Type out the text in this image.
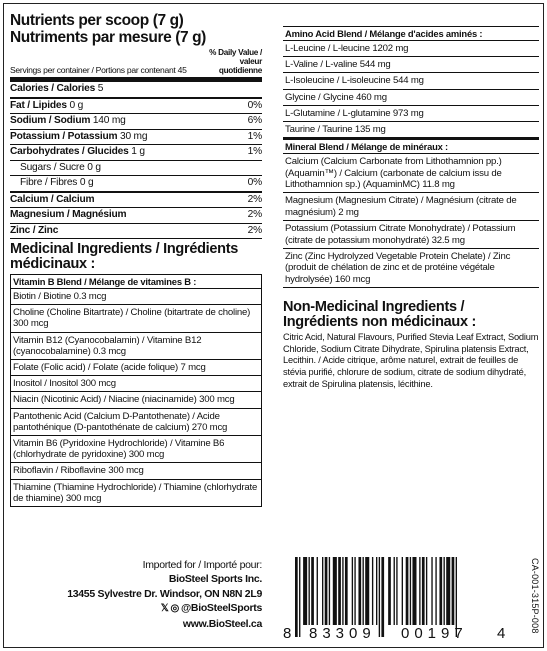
Nutrients per scoop (7 g)
Nutriments par mesure (7 g)
Servings per container / Portions par contenant 45
% Daily Value / valeur quotidienne
Calories / Calories 5
Fat / Lipides 0 g	0%
Sodium / Sodium 140 mg	6%
Potassium / Potassium 30 mg	1%
Carbohydrates / Glucides 1 g	1%
Sugars / Sucre 0 g
Fibre / Fibres 0 g	0%
Calcium / Calcium	2%
Magnesium / Magnésium	2%
Zinc / Zinc	2%
Medicinal Ingredients / Ingrédients médicinaux :
Vitamin B Blend / Mélange de vitamines B :
Biotin / Biotine 0.3 mcg
Choline (Choline Bitartrate) / Choline (bitartrate de choline) 300 mcg
Vitamin B12 (Cyanocobalamin) / Vitamine B12 (cyanocobalamine) 0.3 mcg
Folate (Folic acid) / Folate (acide folique) 7 mcg
Inositol / Inositol 300 mcg
Niacin (Nicotinic Acid) / Niacine (niacinamide) 300 mcg
Pantothenic Acid (Calcium D-Pantothenate) / Acide pantothénique (D-pantothénate de calcium) 270 mcg
Vitamin B6 (Pyridoxine Hydrochloride) / Vitamine B6 (chlorhydrate de pyridoxine) 300 mcg
Riboflavin / Riboflavine 300 mcg
Thiamine (Thiamine Hydrochloride) / Thiamine (chlorhydrate de thiamine) 300 mcg
Amino Acid Blend / Mélange d'acides aminés :
L-Leucine / L-leucine 1202 mg
L-Valine / L-valine 544 mg
L-Isoleucine / L-isoleucine 544 mg
Glycine / Glycine 460 mg
L-Glutamine / L-glutamine 973 mg
Taurine / Taurine 135 mg
Mineral Blend / Mélange de minéraux :
Calcium (Calcium Carbonate from Lithothamnion pp.) (Aquamin™) / Calcium (carbonate de calcium issu de Lithothamnion sp.) (AquaminMC) 11.8 mg
Magnesium (Magnesium Citrate) / Magnésium (citrate de magnésium) 2 mg
Potassium (Potassium Citrate Monohydrate) / Potassium (citrate de potassium monohydraté) 32.5 mg
Zinc (Zinc Hydrolyzed Vegetable Protein Chelate) / Zinc (produit de chélation de zinc et de protéine végétale hydrolysée) 160 mcg
Non-Medicinal Ingredients / Ingrédients non médicinaux :
Citric Acid, Natural Flavours, Purified Stevia Leaf Extract, Sodium Chloride, Sodium Citrate Dihydrate, Spirulina platensis Extract, Lecithin. / Acide citrique, arôme naturel, extrait de feuilles de stévia purifié, chlorure de sodium, citrate de sodium dihydraté, extrait de Spirulina platensis, lécithine.
Imported for / Importé pour:
BioSteel Sports Inc.
13455 Sylvestre Dr. Windsor, ON N8N 2L9
𝕏 ◎ @BioSteelSports
www.BioSteel.ca
8 83309 00197 4	CA-001-315P-008
